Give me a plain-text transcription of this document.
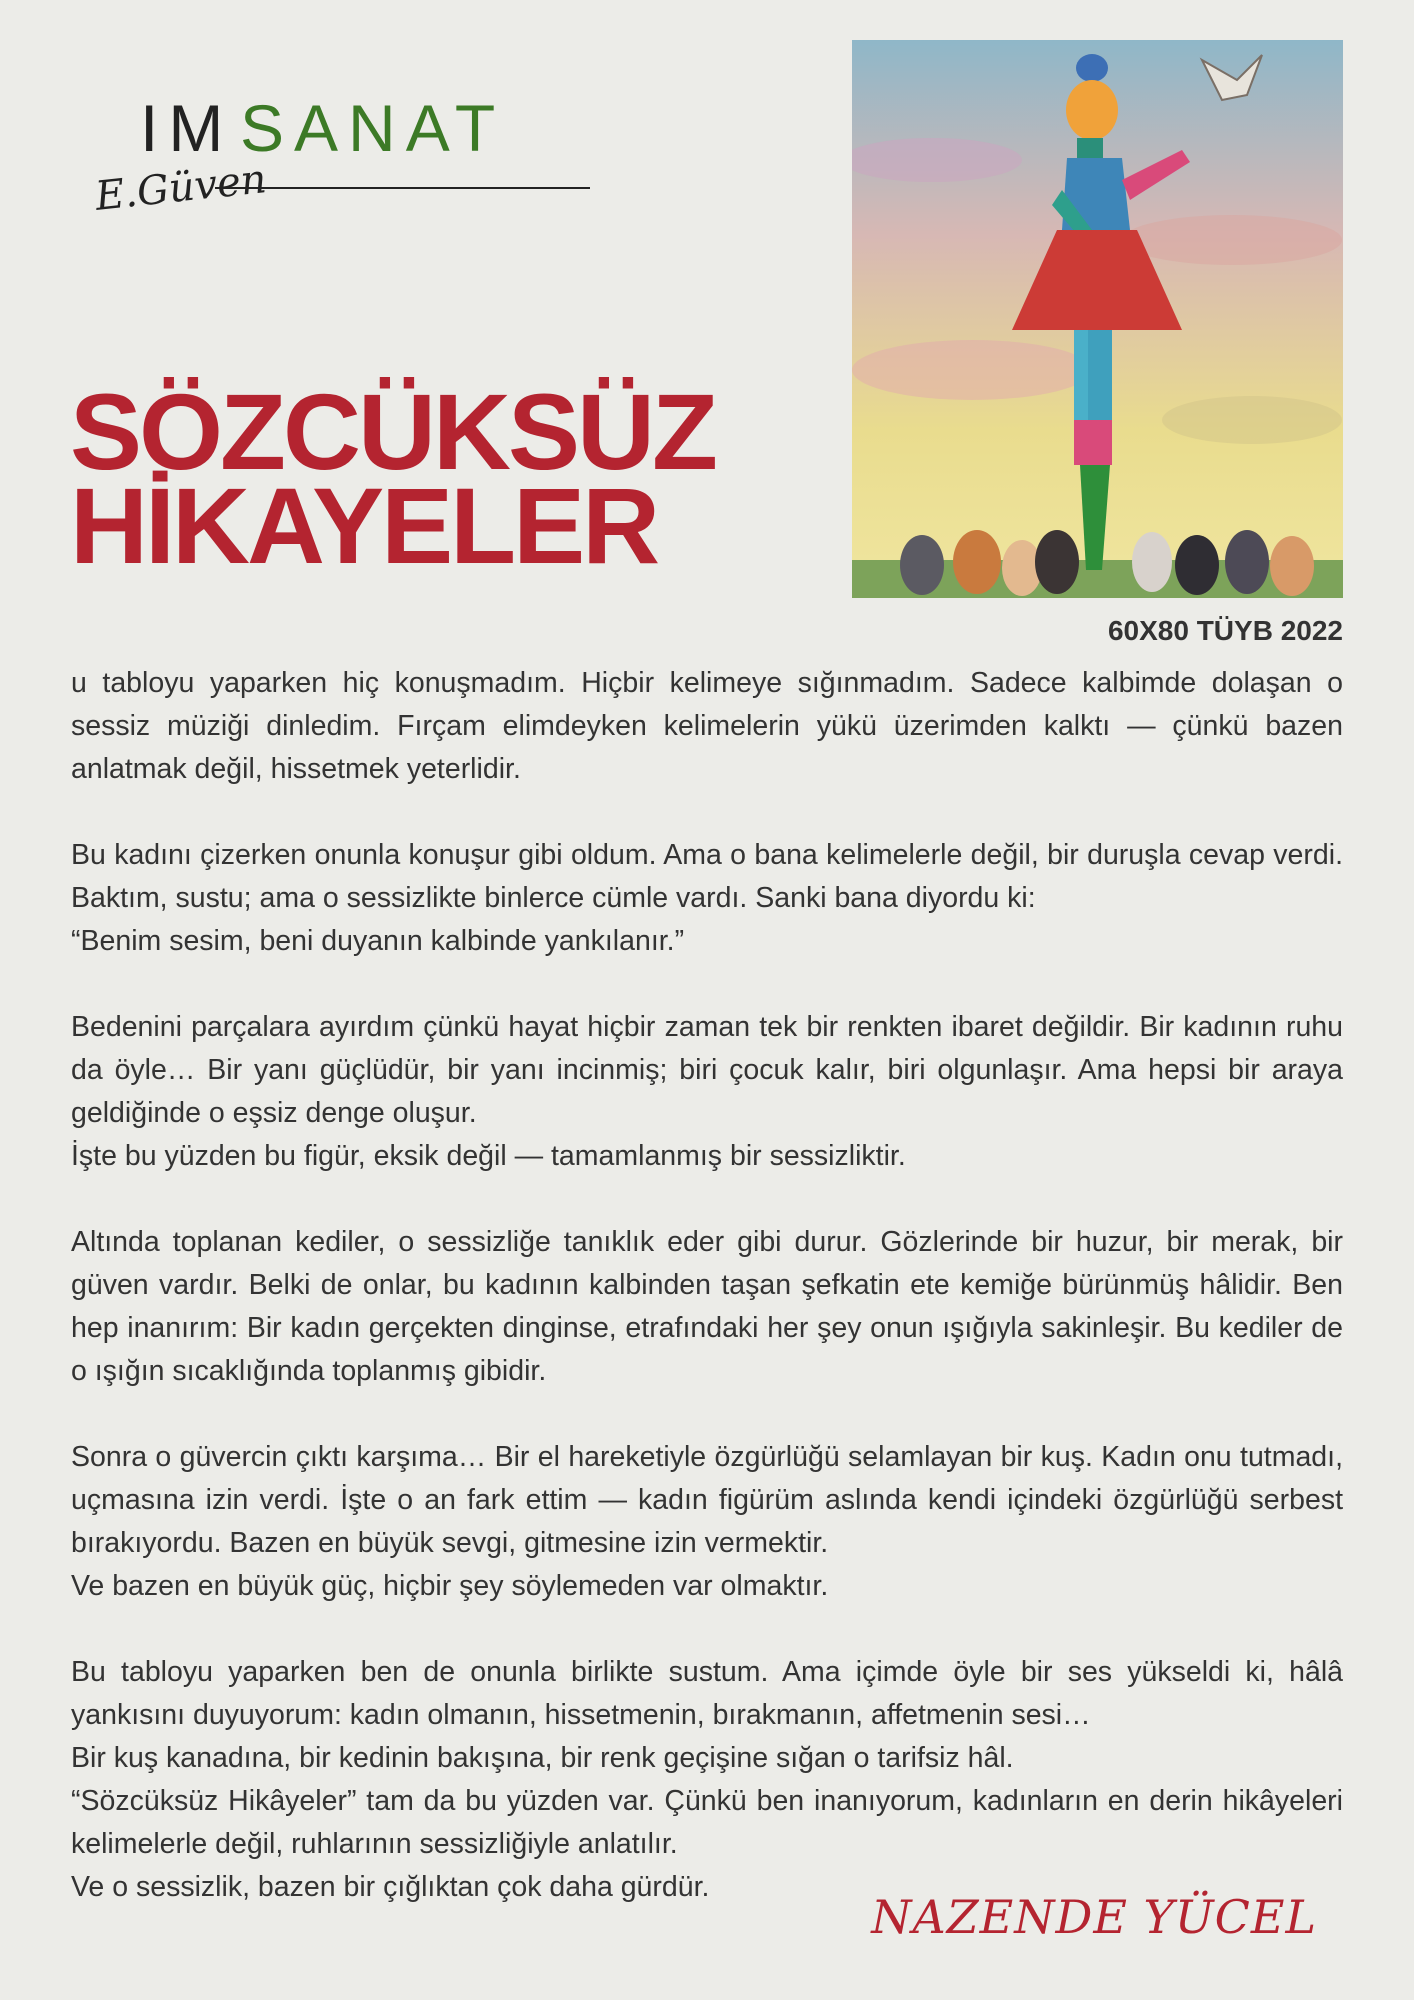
IM SANAT
E.Güven
SÖZCÜKSÜZ
HİKAYELER
60X80 TÜYB 2022

u tabloyu yaparken hiç konuşmadım. Hiçbir kelimeye sığınmadım. Sadece kalbimde dolaşan o sessiz müziği dinledim. Fırçam elimdeyken kelimelerin yükü üzerimden kalktı — çünkü bazen anlatmak değil, hissetmek yeterlidir.

Bu kadını çizerken onunla konuşur gibi oldum. Ama o bana kelimelerle değil, bir duruşla cevap verdi. Baktım, sustu; ama o sessizlikte binlerce cümle vardı. Sanki bana diyordu ki:
“Benim sesim, beni duyanın kalbinde yankılanır.”

Bedenini parçalara ayırdım çünkü hayat hiçbir zaman tek bir renkten ibaret değildir. Bir kadının ruhu da öyle… Bir yanı güçlüdür, bir yanı incinmiş; biri çocuk kalır, biri olgunlaşır. Ama hepsi bir araya geldiğinde o eşsiz denge oluşur.
İşte bu yüzden bu figür, eksik değil — tamamlanmış bir sessizliktir.

Altında toplanan kediler, o sessizliğe tanıklık eder gibi durur. Gözlerinde bir huzur, bir merak, bir güven vardır. Belki de onlar, bu kadının kalbinden taşan şefkatin ete kemiğe bürünmüş hâlidir. Ben hep inanırım: Bir kadın gerçekten dinginse, etrafındaki her şey onun ışığıyla sakinleşir. Bu kediler de o ışığın sıcaklığında toplanmış gibidir.

Sonra o güvercin çıktı karşıma… Bir el hareketiyle özgürlüğü selamlayan bir kuş. Kadın onu tutmadı, uçmasına izin verdi. İşte o an fark ettim — kadın figürüm aslında kendi içindeki özgürlüğü serbest bırakıyordu. Bazen en büyük sevgi, gitmesine izin vermektir.
Ve bazen en büyük güç, hiçbir şey söylemeden var olmaktır.

Bu tabloyu yaparken ben de onunla birlikte sustum. Ama içimde öyle bir ses yükseldi ki, hâlâ yankısını duyuyorum: kadın olmanın, hissetmenin, bırakmanın, affetmenin sesi…
Bir kuş kanadına, bir kedinin bakışına, bir renk geçişine sığan o tarifsiz hâl.
“Sözcüksüz Hikâyeler” tam da bu yüzden var. Çünkü ben inanıyorum, kadınların en derin hikâyeleri kelimelerle değil, ruhlarının sessizliğiyle anlatılır.
Ve o sessizlik, bazen bir çığlıktan çok daha gürdür.

NAZENDE YÜCEL
